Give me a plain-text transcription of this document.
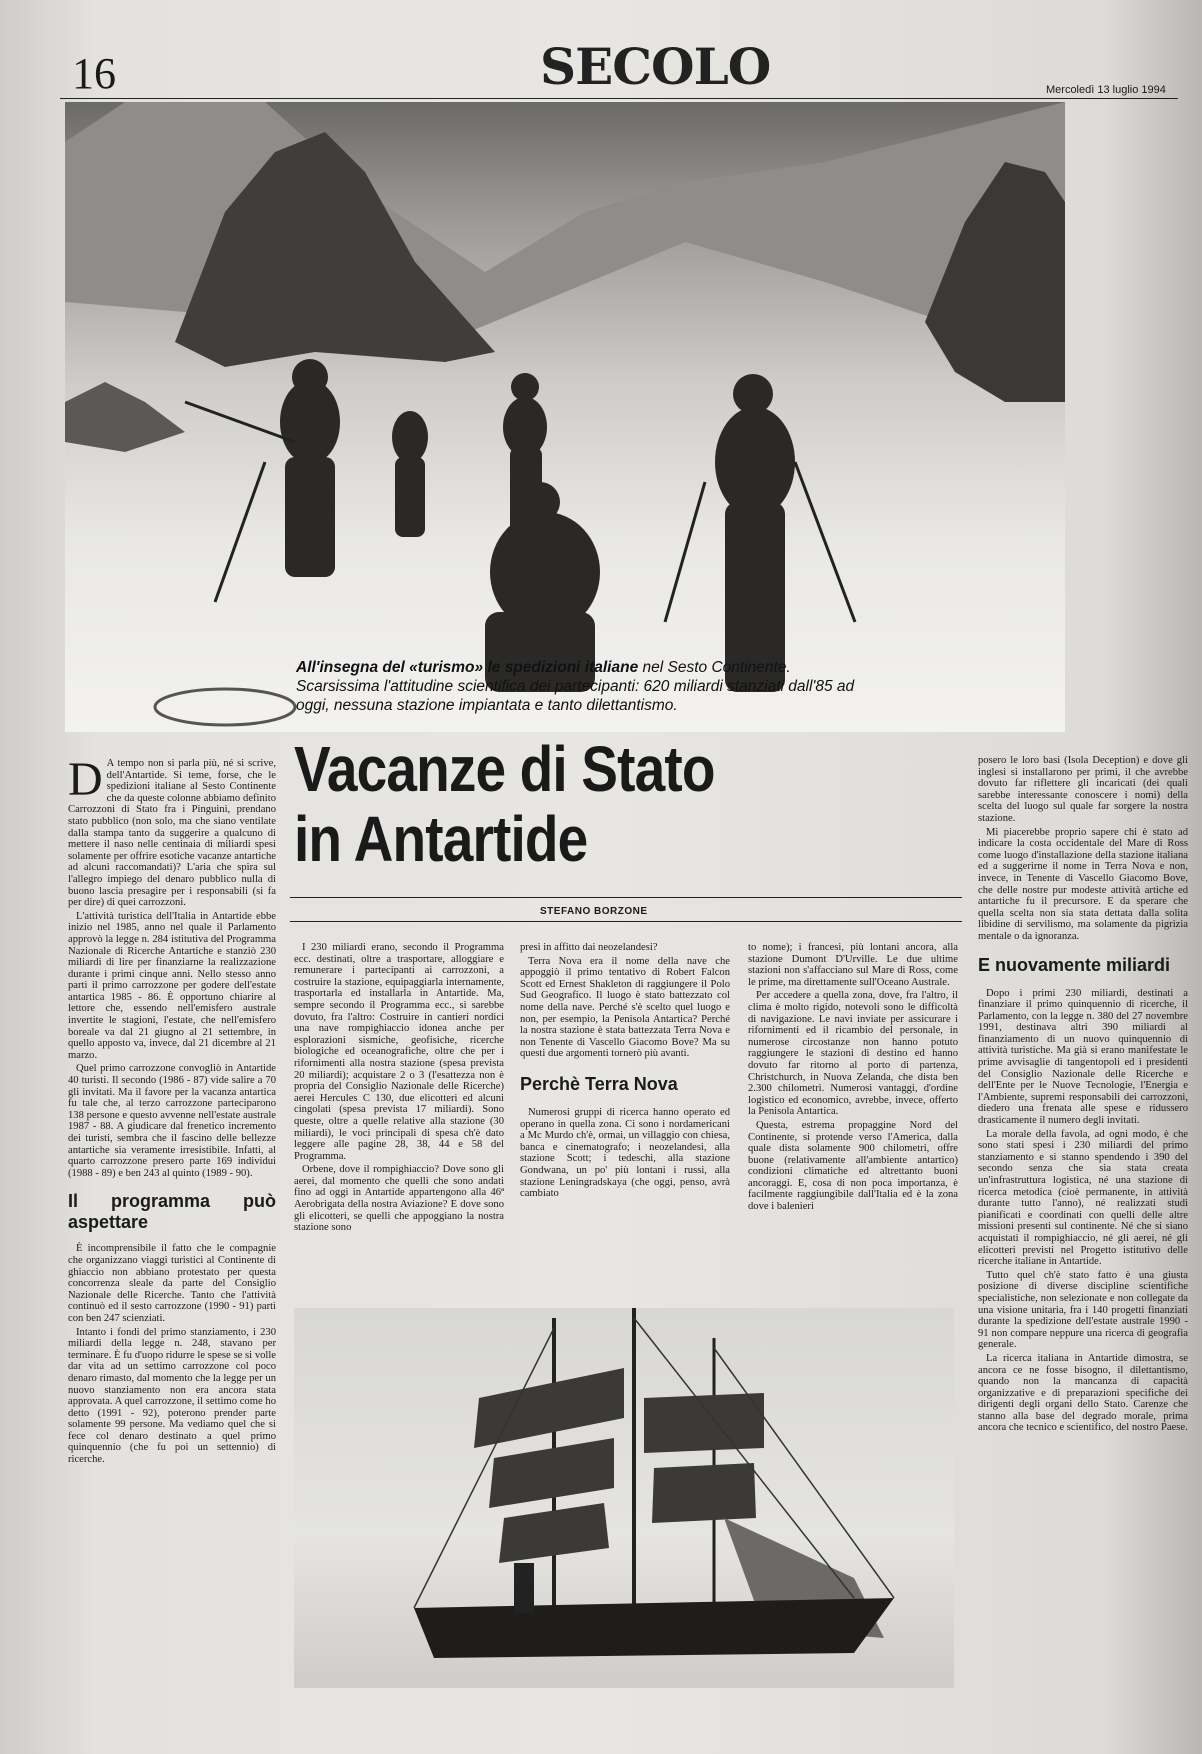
16	SECOLO	Mercoledì 13 luglio 1994
All'insegna del «turismo» le spedizioni italiane nel Sesto Continente. Scarsissima l'attitudine scientifica dei partecipanti: 620 miliardi stanziati dall'85 ad oggi, nessuna stazione impiantata e tanto dilettantismo.
Vacanze di Stato
in Antartide
STEFANO BORZONE
D A tempo non si parla più, né si scrive, dell'Antartide. Si teme, forse, che le spedizioni italiane al Sesto Continente che da queste colonne abbiamo definito Carrozzoni di Stato fra i Pinguini, prendano stato pubblico (non solo, ma che siano ventilate dalla stampa tanto da suggerire a qualcuno di mettere il naso nelle centinaia di miliardi spesi solamente per offrire esotiche vacanze antartiche ad alcuni raccomandati)? L'aria che spira sul l'allegro impiego del denaro pubblico nulla di buono lascia presagire per i responsabili (si fa per dire) di quei carrozzoni.

L'attività turistica dell'Italia in Antartide ebbe inizio nel 1985, anno nel quale il Parlamento approvò la legge n. 284 istitutiva del Programma Nazionale di Ricerche Antartiche e stanziò 230 miliardi di lire per finanziarne la realizzazione durante i primi cinque anni. Nello stesso anno partì il primo carrozzone per godere dell'estate antartica 1985 - 86. È opportuno chiarire al lettore che, essendo nell'emisfero australe invertite le stagioni, l'estate, che nell'emisfero boreale va dal 21 giugno al 21 settembre, in quello apposto va, invece, dal 21 dicembre al 21 marzo.

Quel primo carrozzone convogliò in Antartide 40 turisti. Il secondo (1986 - 87) vide salire a 70 gli invitati. Ma il favore per la vacanza antartica fu tale che, al terzo carrozzone parteciparono 138 persone e questo avvenne nell'estate australe 1987 - 88. A giudicare dal frenetico incremento dei turisti, sembra che il fascino delle bellezze antartiche sia veramente irresistibile. Infatti, al quarto carrozzone presero parte 169 individui (1988 - 89) e ben 243 al quinto (1989 - 90).

Il programma può aspettare

È incomprensibile il fatto che le compagnie che organizzano viaggi turistici al Continente di ghiaccio non abbiano protestato per questa concorrenza sleale da parte del Consiglio Nazionale delle Ricerche. Tanto che l'attività continuò ed il sesto carrozzone (1990 - 91) partì con ben 247 scienziati.

Intanto i fondi del primo stanziamento, i 230 miliardi della legge n. 248, stavano per terminare. È fu d'uopo ridurre le spese se si volle dar vita ad un settimo carrozzone col poco denaro rimasto, dal momento che la legge per un nuovo stanziamento non era ancora stata approvata. A quel carrozzone, il settimo come ho detto (1991 - 92), poterono prender parte solamente 99 persone. Ma vediamo quel che si fece col denaro destinato a quel primo quinquennio (che fu poi un settennio) di ricerche.

I 230 miliardi erano, secondo il Programma ecc. destinati, oltre a trasportare, alloggiare e remunerare i partecipanti ai carrozzoni, a costruire la stazione, equipaggiarla internamente, trasportarla ed installarla in Antartide. Ma, sempre secondo il Programma ecc., si sarebbe dovuto, fra l'altro: Costruire in cantieri nordici una nave rompighiaccio idonea anche per esplorazioni sismiche, geofisiche, ricerche biologiche ed oceanografiche, oltre che per i rifornimenti alla nostra stazione (spesa prevista 20 miliardi); acquistare 2 o 3 (l'esattezza non è propria del Consiglio Nazionale delle Ricerche) aerei Hercules C 130, due elicotteri ed alcuni cingolati (spesa prevista 17 miliardi). Sono queste, oltre a quelle relative alla stazione (30 miliardi), le voci principali di spesa ch'è dato leggere alle pagine 28, 38, 44 e 58 del Programma.

Orbene, dove il rompighiaccio? Dove sono gli aerei, dal momento che quelli che sono andati fino ad oggi in Antartide appartengono alla 46ª Aerobrigata della nostra Aviazione? E dove sono gli elicotteri, se quelli che appoggiano la nostra stazione sono

presi in affitto dai neozelandesi?

Terra Nova era il nome della nave che appoggiò il primo tentativo di Robert Falcon Scott ed Ernest Shakleton di raggiungere il Polo Sud Geografico. Il luogo è stato battezzato col nome della nave. Perché s'è scelto quel luogo e non, per esempio, la Penisola Antartica? Perché la nostra stazione è stata battezzata Terra Nova e non Tenente di Vascello Giacomo Bove? Ma su questi due argomenti tornerò più avanti.

Perchè Terra Nova

Numerosi gruppi di ricerca hanno operato ed operano in quella zona. Ci sono i nordamericani a Mc Murdo ch'è, ormai, un villaggio con chiesa, banca e cinematografo; i neozelandesi, alla stazione Scott; i tedeschi, alla stazione Gondwana, un po' più lontani i russi, alla stazione Leningradskaya (che oggi, penso, avrà cambiato

to nome); i francesi, più lontani ancora, alla stazione Dumont D'Urville. Le due ultime stazioni non s'affacciano sul Mare di Ross, come le prime, ma direttamente sull'Oceano Australe.

Per accedere a quella zona, dove, fra l'altro, il clima è molto rigido, notevoli sono le difficoltà di navigazione. Le navi inviate per assicurare i rifornimenti ed il ricambio del personale, in numerose circostanze non hanno potuto raggiungere le stazioni di destino ed hanno dovuto far ritorno al porto di partenza, Christchurch, in Nuova Zelanda, che dista ben 2.300 chilometri. Numerosi vantaggi, d'ordine logistico ed economico, avrebbe, invece, offerto la Penisola Antartica.

Questa, estrema propaggine Nord del Continente, si protende verso l'America, dalla quale dista solamente 900 chilometri, offre buone (relativamente all'ambiente antartico) condizioni climatiche ed altrettanto buoni ancoraggi. E, cosa di non poca importanza, è facilmente raggiungibile dall'Italia ed è la zona dove i balenieri

posero le loro basi (Isola Deception) e dove gli inglesi si installarono per primi, il che avrebbe dovuto far riflettere gli incaricati (dei quali sarebbe interessante conoscere i nomi) della scelta del luogo sul quale far sorgere la nostra stazione.

Mi piacerebbe proprio sapere chi è stato ad indicare la costa occidentale del Mare di Ross come luogo d'installazione della stazione italiana ed a suggerirne il nome in Terra Nova e non, invece, in Tenente di Vascello Giacomo Bove, che delle nostre pur modeste attività artiche ed antartiche fu il precursore. E da sperare che quella scelta non sia stata dettata dalla solita libidine di servilismo, ma solamente da pigrizia mentale o da ignoranza.

E nuovamente miliardi

Dopo i primi 230 miliardi, destinati a finanziare il primo quinquennio di ricerche, il Parlamento, con la legge n. 380 del 27 novembre 1991, destinava altri 390 miliardi al finanziamento di un nuovo quinquennio di attività turistiche. Ma già si erano manifestate le prime avvisaglie di tangentopoli ed i presidenti del Consiglio Nazionale delle Ricerche e dell'Ente per le Nuove Tecnologie, l'Energia e l'Ambiente, supremi responsabili dei carrozzoni, diedero una frenata alle spese e ridussero drasticamente il numero degli invitati.

La morale della favola, ad ogni modo, è che sono stati spesi i 230 miliardi del primo stanziamento e si stanno spendendo i 390 del secondo senza che sia stata creata un'infrastruttura logistica, né una stazione di ricerca metodica (cioè permanente, in attività durante tutto l'anno), né realizzati studi pianificati e coordinati con quelli delle altre missioni presenti sul continente. Né che si siano acquistati il rompighiaccio, né gli aerei, né gli elicotteri previsti nel Progetto istitutivo delle ricerche italiane in Antartide.

Tutto quel ch'è stato fatto è una giusta posizione di diverse discipline scientifiche specialistiche, non selezionate e non collegate da una visione unitaria, fra i 140 progetti finanziati durante la spedizione dell'estate australe 1990 - 91 non compare neppure una ricerca di geografia generale.

La ricerca italiana in Antartide dimostra, se ancora ce ne fosse bisogno, il dilettantismo, quando non la mancanza di capacità organizzative e di preparazioni specifiche dei dirigenti degli organi dello Stato. Carenze che stanno alla base del degrado morale, prima ancora che tecnico e scientifico, del nostro Paese.
